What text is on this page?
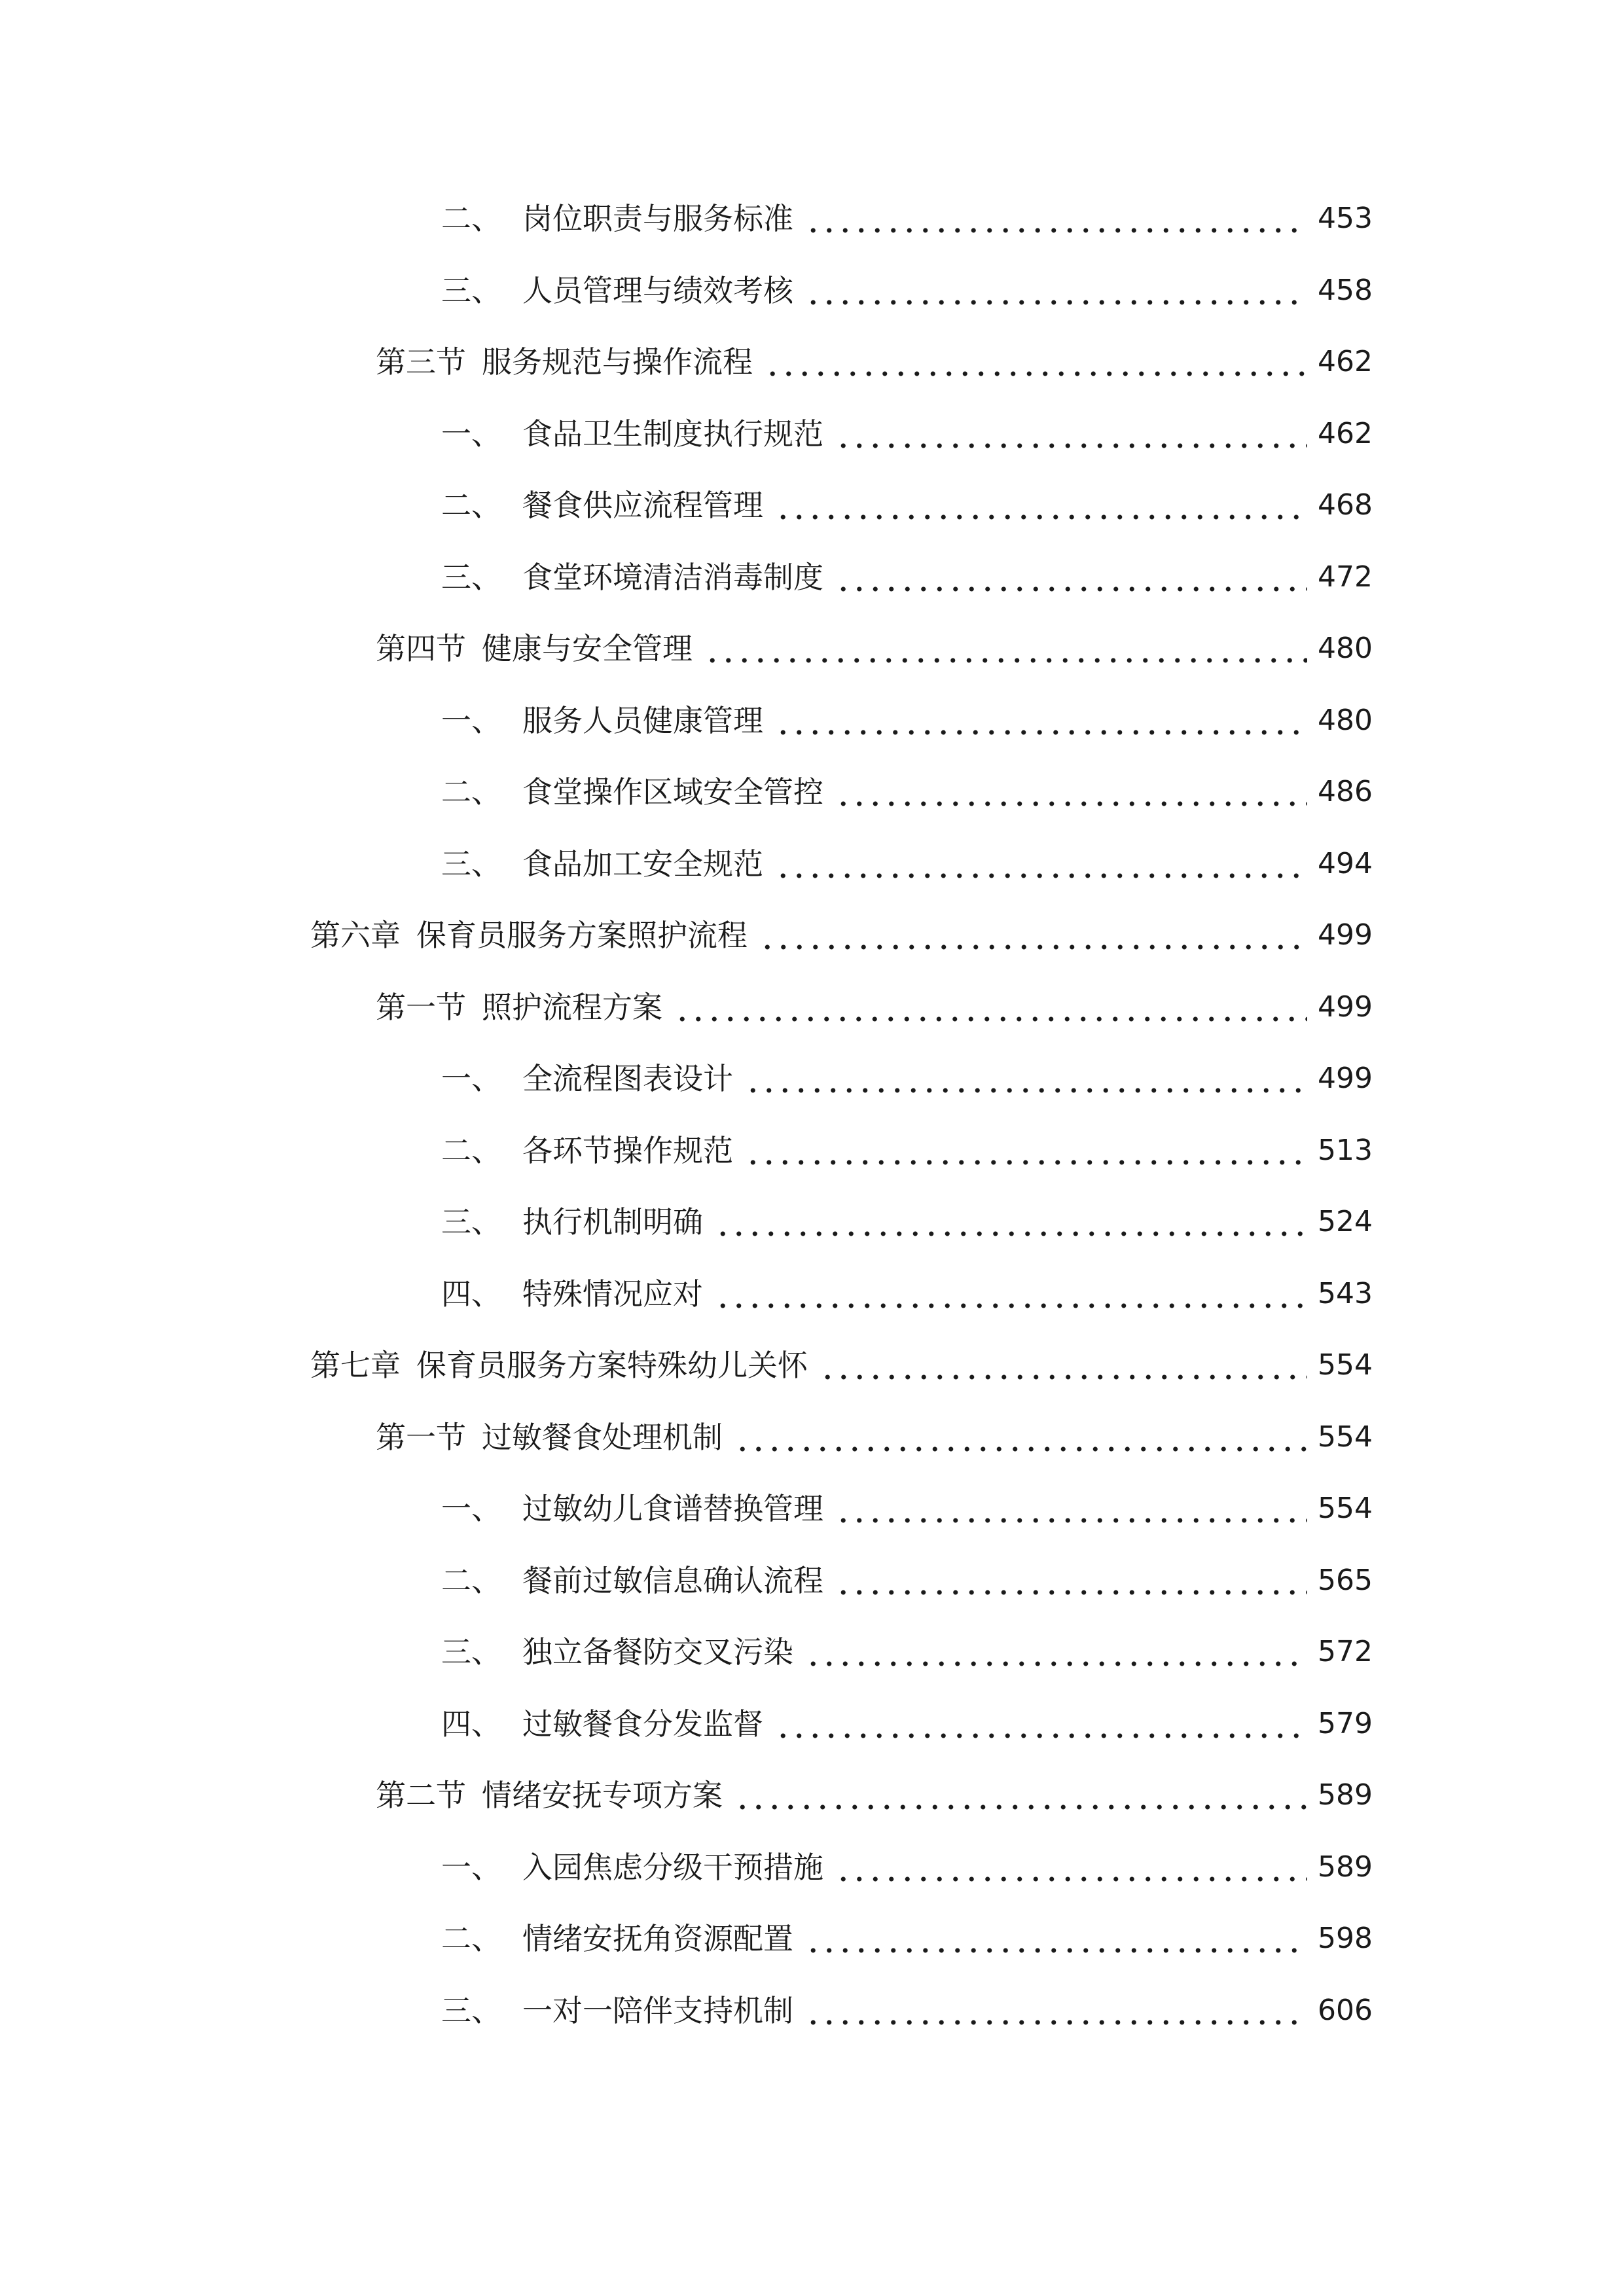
二、 岗位职责与服务标准	453
三、 人员管理与绩效考核	458
第三节 服务规范与操作流程	462
一、 食品卫生制度执行规范	462
二、 餐食供应流程管理	468
三、 食堂环境清洁消毒制度	472
第四节 健康与安全管理	480
一、 服务人员健康管理	480
二、 食堂操作区域安全管控	486
三、 食品加工安全规范	494
第六章 保育员服务方案照护流程	499
第一节 照护流程方案	499
一、 全流程图表设计	499
二、 各环节操作规范	513
三、 执行机制明确	524
四、 特殊情况应对	543
第七章 保育员服务方案特殊幼儿关怀	554
第一节 过敏餐食处理机制	554
一、 过敏幼儿食谱替换管理	554
二、 餐前过敏信息确认流程	565
三、 独立备餐防交叉污染	572
四、 过敏餐食分发监督	579
第二节 情绪安抚专项方案	589
一、 入园焦虑分级干预措施	589
二、 情绪安抚角资源配置	598
三、 一对一陪伴支持机制	606
